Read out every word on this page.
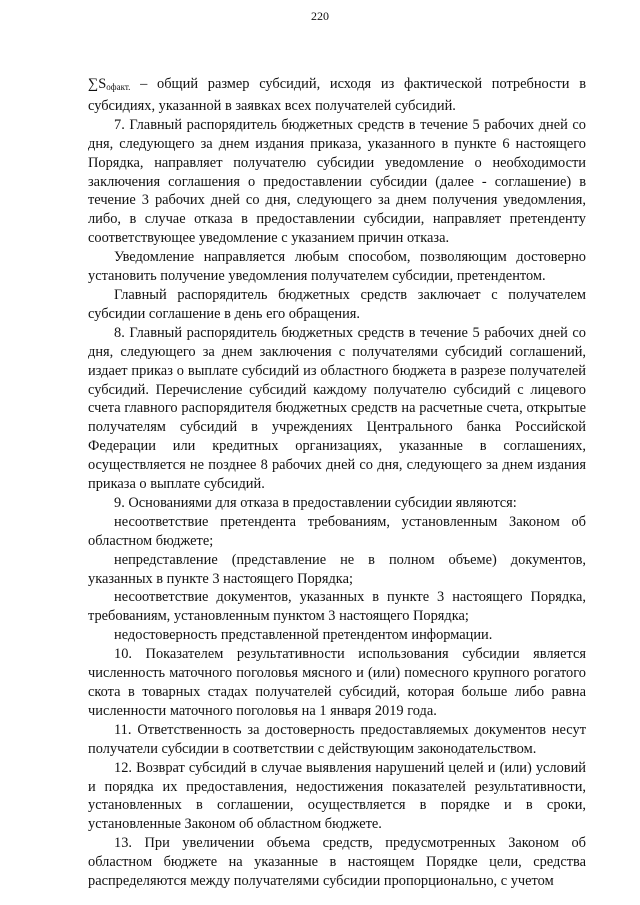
220

$\sum S_{офакт.}$ – общий размер субсидий, исходя из фактической потребности в субсидиях, указанной в заявках всех получателей субсидий.

7. Главный распорядитель бюджетных средств в течение 5 рабочих дней со дня, следующего за днем издания приказа, указанного в пункте 6 настоящего Порядка, направляет получателю субсидии уведомление о необходимости заключения соглашения о предоставлении субсидии (далее - соглашение) в течение 3 рабочих дней со дня, следующего за днем получения уведомления, либо, в случае отказа в предоставлении субсидии, направляет претенденту соответствующее уведомление с указанием причин отказа.

Уведомление направляется любым способом, позволяющим достоверно установить получение уведомления получателем субсидии, претендентом.

Главный распорядитель бюджетных средств заключает с получателем субсидии соглашение в день его обращения.

8. Главный распорядитель бюджетных средств в течение 5 рабочих дней со дня, следующего за днем заключения с получателями субсидий соглашений, издает приказ о выплате субсидий из областного бюджета в разрезе получателей субсидий. Перечисление субсидий каждому получателю субсидий с лицевого счета главного распорядителя бюджетных средств на расчетные счета, открытые получателям субсидий в учреждениях Центрального банка Российской Федерации или кредитных организациях, указанные в соглашениях, осуществляется не позднее 8 рабочих дней со дня, следующего за днем издания приказа о выплате субсидий.

9. Основаниями для отказа в предоставлении субсидии являются:

несоответствие претендента требованиям, установленным Законом об областном бюджете;

непредставление (представление не в полном объеме) документов, указанных в пункте 3 настоящего Порядка;

несоответствие документов, указанных в пункте 3 настоящего Порядка, требованиям, установленным пунктом 3 настоящего Порядка;

недостоверность представленной претендентом информации.

10. Показателем результативности использования субсидии является численность маточного поголовья мясного и (или) помесного крупного рогатого скота в товарных стадах получателей субсидий, которая больше либо равна численности маточного поголовья на 1 января 2019 года.

11. Ответственность за достоверность предоставляемых документов несут получатели субсидии в соответствии с действующим законодательством.

12. Возврат субсидий в случае выявления нарушений целей и (или) условий и порядка их предоставления, недостижения показателей результативности, установленных в соглашении, осуществляется в порядке и в сроки, установленные Законом об областном бюджете.

13. При увеличении объема средств, предусмотренных Законом об областном бюджете на указанные в настоящем Порядке цели, средства распределяются между получателями субсидии пропорционально, с учетом
